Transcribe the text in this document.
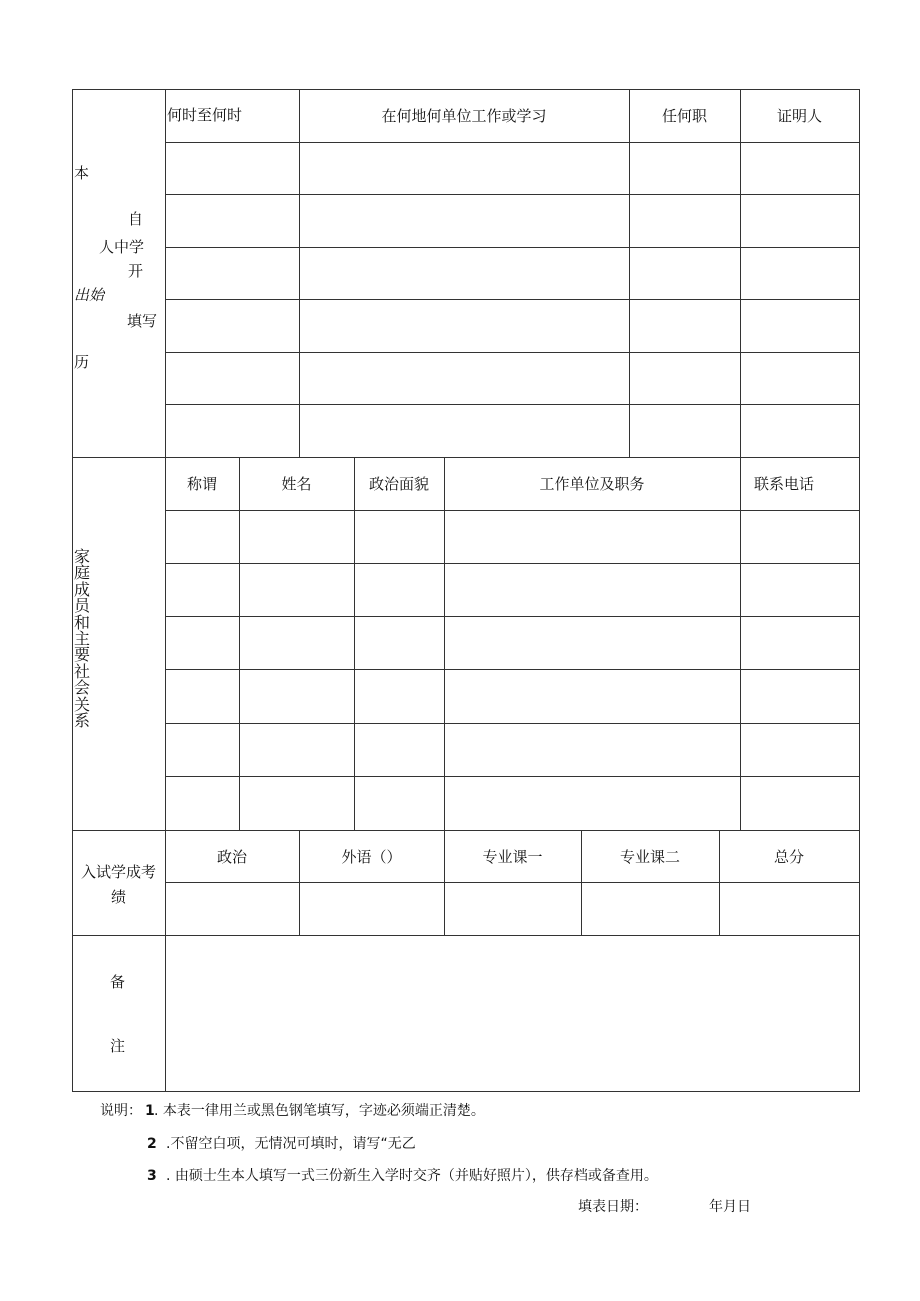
本
自
人中学
开
出始
填写
历
何时至何时	在何地何单位工作或学习	任何职	证明人
家
庭
成
员
和
主
要
社
会
关
系
称谓	姓名	政治面貌	工作单位及职务	联系电话
入试学成考
绩
政治	外语（）	专业课一	专业课二	总分
备
注
说明： 1 . 本表一律用兰或黑色钢笔填写，字迹必须端正清楚。
2 .不留空白项，无情况可填时，请写“无乙
3 . 由硕士生本人填写一式三份新生入学时交齐（并贴好照片），供存档或备查用。
填表日期：	年月日
